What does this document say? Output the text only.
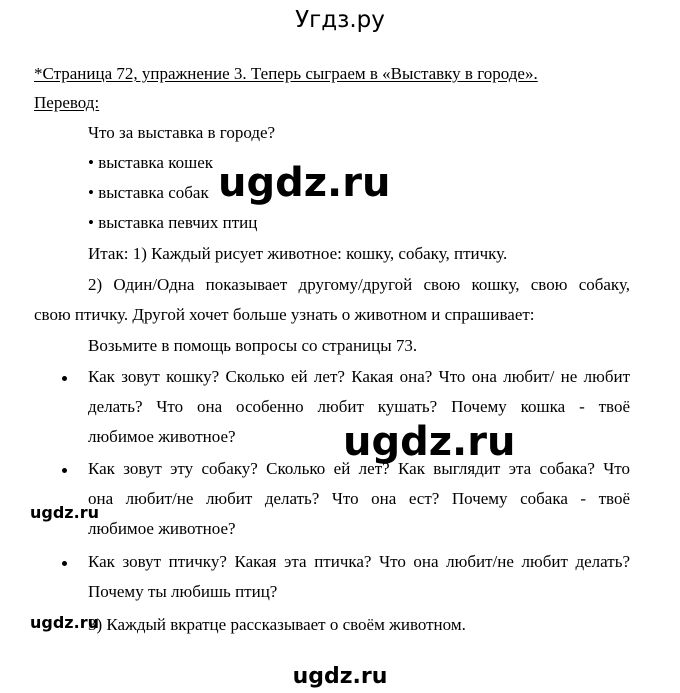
Угдз.ру
*Страница 72, упражнение 3. Теперь сыграем в «Выставку в городе».
Перевод:
Что за выставка в городе?
• выставка кошек
• выставка собак
• выставка певчих птиц
Итак: 1) Каждый рисует животное: кошку, собаку, птичку.
2) Один/Одна показывает другому/другой свою кошку, свою собаку,
свою птичку. Другой хочет больше узнать о животном и спрашивает:
Возьмите в помощь вопросы со страницы 73.
Как зовут кошку? Сколько ей лет? Какая она? Что она любит/ не любит
делать? Что она особенно любит кушать? Почему кошка - твоё
любимое животное?
Как зовут эту собаку? Сколько ей лет? Как выглядит эта собака? Что
она любит/не любит делать? Что она ест? Почему собака - твоё
любимое животное?
Как зовут птичку? Какая эта птичка? Что она любит/не любит делать?
Почему ты любишь птиц?
3) Каждый вкратце рассказывает о своём животном.
ugdz.ru
ugdz.ru
ugdz.ru
ugdz.ru
ugdz.ru
